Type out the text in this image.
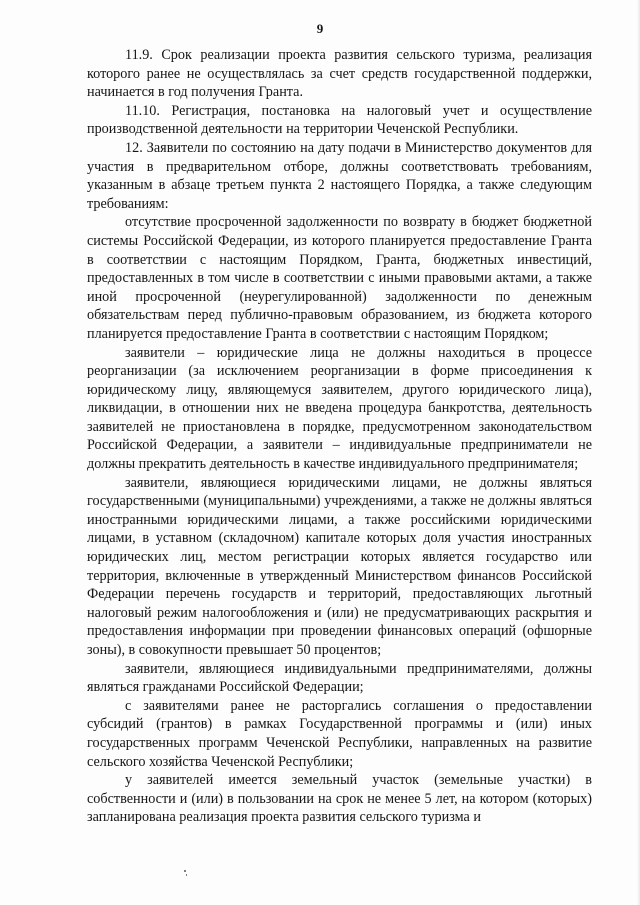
9

11.9. Срок реализации проекта развития сельского туризма, реализация которого ранее не осуществлялась за счет средств государственной поддержки, начинается в год получения Гранта.

11.10. Регистрация, постановка на налоговый учет и осуществление производственной деятельности на территории Чеченской Республики.

12. Заявители по состоянию на дату подачи в Министерство документов для участия в предварительном отборе, должны соответствовать требованиям, указанным в абзаце третьем пункта 2 настоящего Порядка, а также следующим требованиям:

отсутствие просроченной задолженности по возврату в бюджет бюджетной системы Российской Федерации, из которого планируется предоставление Гранта в соответствии с настоящим Порядком, Гранта, бюджетных инвестиций, предоставленных в том числе в соответствии с иными правовыми актами, а также иной просроченной (неурегулированной) задолженности по денежным обязательствам перед публично-правовым образованием, из бюджета которого планируется предоставление Гранта в соответствии с настоящим Порядком;

заявители – юридические лица не должны находиться в процессе реорганизации (за исключением реорганизации в форме присоединения к юридическому лицу, являющемуся заявителем, другого юридического лица), ликвидации, в отношении них не введена процедура банкротства, деятельность заявителей не приостановлена в порядке, предусмотренном законодательством Российской Федерации, а заявители – индивидуальные предприниматели не должны прекратить деятельность в качестве индивидуального предпринимателя;

заявители, являющиеся юридическими лицами, не должны являться государственными (муниципальными) учреждениями, а также не должны являться иностранными юридическими лицами, а также российскими юридическими лицами, в уставном (складочном) капитале которых доля участия иностранных юридических лиц, местом регистрации которых является государство или территория, включенные в утвержденный Министерством финансов Российской Федерации перечень государств и территорий, предоставляющих льготный налоговый режим налогообложения и (или) не предусматривающих раскрытия и предоставления информации при проведении финансовых операций (офшорные зоны), в совокупности превышает 50 процентов;

заявители, являющиеся индивидуальными предпринимателями, должны являться гражданами Российской Федерации;

с заявителями ранее не расторгались соглашения о предоставлении субсидий (грантов) в рамках Государственной программы и (или) иных государственных программ Чеченской Республики, направленных на развитие сельского хозяйства Чеченской Республики;

у заявителей имеется земельный участок (земельные участки) в собственности и (или) в пользовании на срок не менее 5 лет, на котором (которых) запланирована реализация проекта развития сельского туризма и
